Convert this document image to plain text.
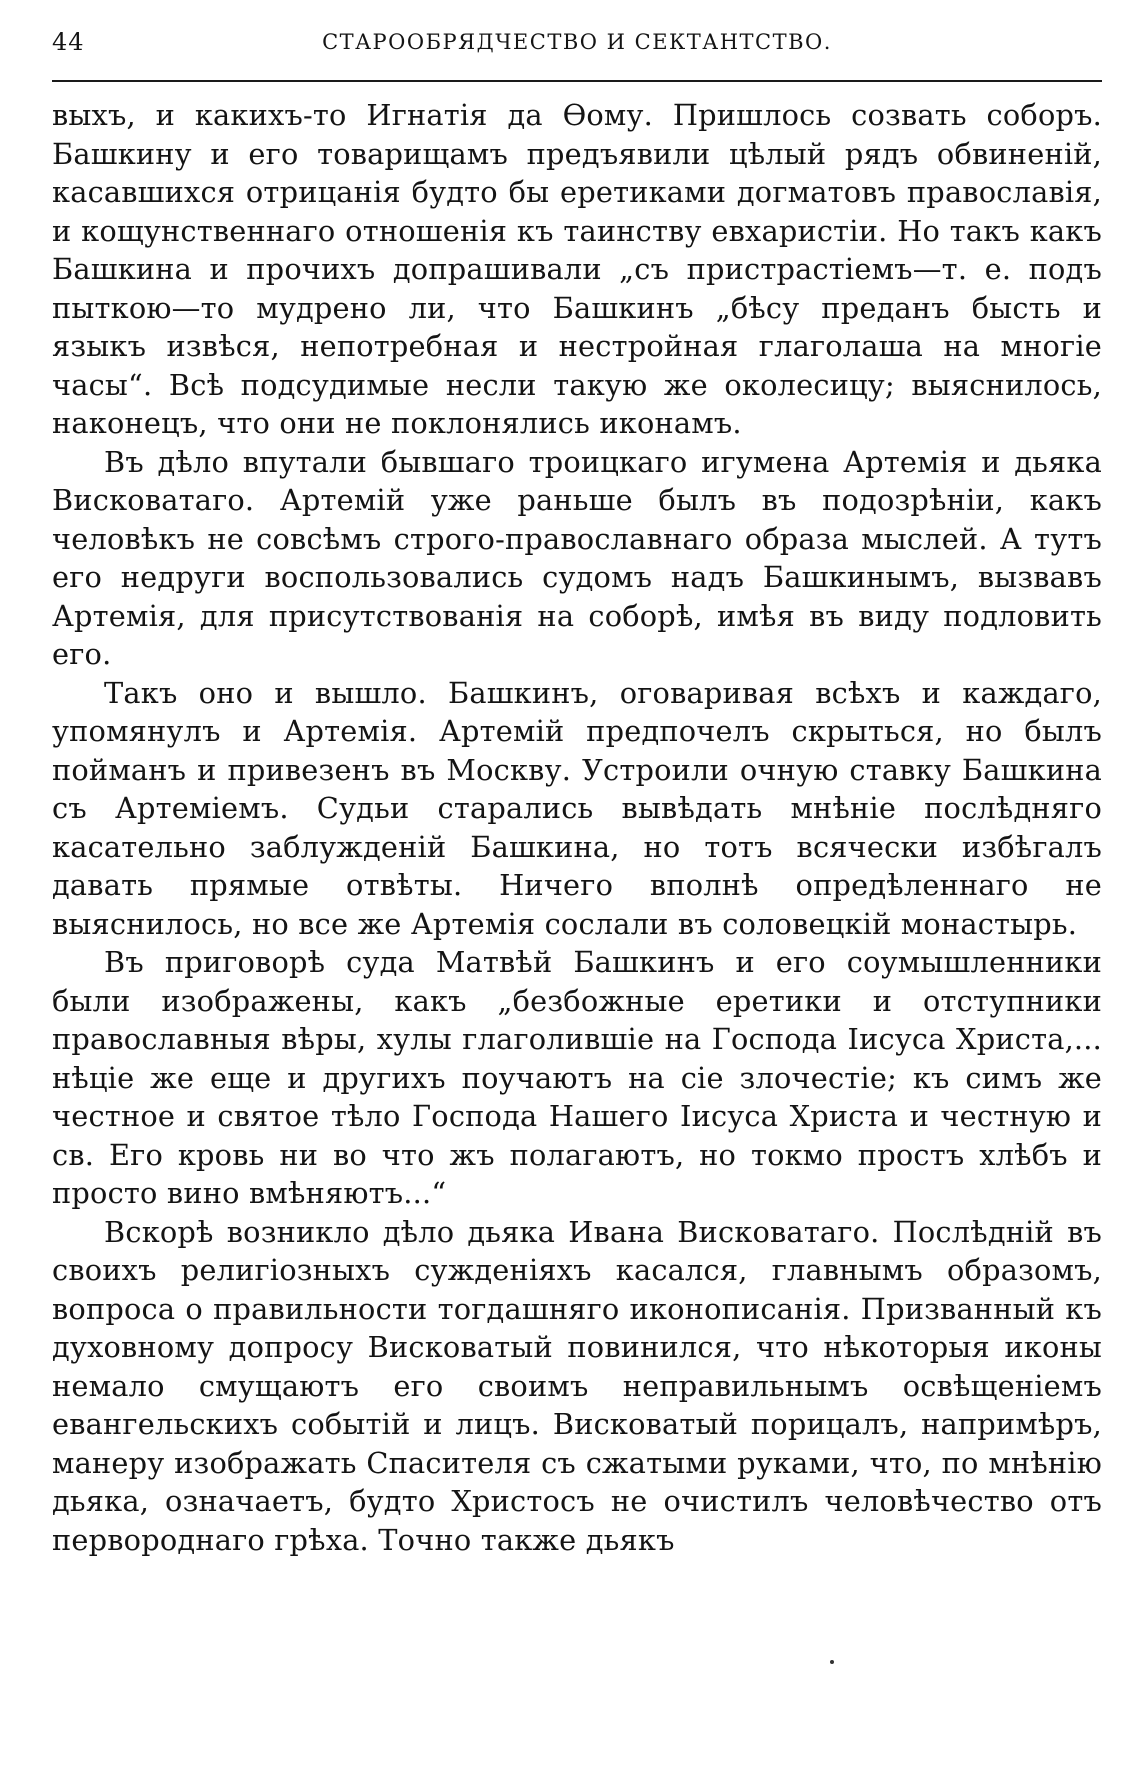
44	СТАРООБРЯДЧЕСТВО И СЕКТАНТСТВО.

выхъ, и какихъ-то Игнатія да Ѳому. Пришлось созвать соборъ. Башкину и его товарищамъ предъявили цѣлый рядъ обвиненій, касавшихся отрицанія будто бы еретиками догматовъ православія, и кощунственнаго отношенія къ таинству евхаристіи. Но такъ какъ Башкина и прочихъ допрашивали „съ пристрастіемъ—т. е. подъ пыткою—то мудрено ли, что Башкинъ „бѣсу преданъ бысть и языкъ извѣся, непотребная и нестройная глаголаша на многіе часы“. Всѣ подсудимые несли такую же околесицу; выяснилось, наконецъ, что они не поклонялись иконамъ.

Въ дѣло впутали бывшаго троицкаго игумена Артемія и дьяка Висковатаго. Артемій уже раньше былъ въ подозрѣніи, какъ человѣкъ не совсѣмъ строго-православнаго образа мыслей. А тутъ его недруги воспользовались судомъ надъ Башкинымъ, вызвавъ Артемія, для присутствованія на соборѣ, имѣя въ виду подловить его.

Такъ оно и вышло. Башкинъ, оговаривая всѣхъ и каждаго, упомянулъ и Артемія. Артемій предпочелъ скрыться, но былъ пойманъ и привезенъ въ Москву. Устроили очную ставку Башкина съ Артеміемъ. Судьи старались вывѣдать мнѣніе послѣдняго касательно заблужденій Башкина, но тотъ всячески избѣгалъ давать прямые отвѣты. Ничего вполнѣ опредѣленнаго не выяснилось, но все же Артемія сослали въ соловецкій монастырь.

Въ приговорѣ суда Матвѣй Башкинъ и его соумышленники были изображены, какъ „безбожные еретики и отступники православныя вѣры, хулы глаголившіе на Господа Іисуса Христа,... нѣціе же еще и другихъ поучаютъ на сіе злочестіе; къ симъ же честное и святое тѣло Господа Нашего Іисуса Христа и честную и св. Его кровь ни во что жъ полагаютъ, но токмо простъ хлѣбъ и просто вино вмѣняютъ...“

Вскорѣ возникло дѣло дьяка Ивана Висковатаго. Послѣдній въ своихъ религіозныхъ сужденіяхъ касался, главнымъ образомъ, вопроса о правильности тогдашняго иконописанія. Призванный къ духовному допросу Висковатый повинился, что нѣкоторыя иконы немало смущаютъ его своимъ неправильнымъ освѣщеніемъ евангельскихъ событій и лицъ. Висковатый порицалъ, напримѣръ, манеру изображать Спасителя съ сжатыми руками, что, по мнѣнію дьяка, означаетъ, будто Христосъ не очистилъ человѣчество отъ первороднаго грѣха. Точно также дьякъ
